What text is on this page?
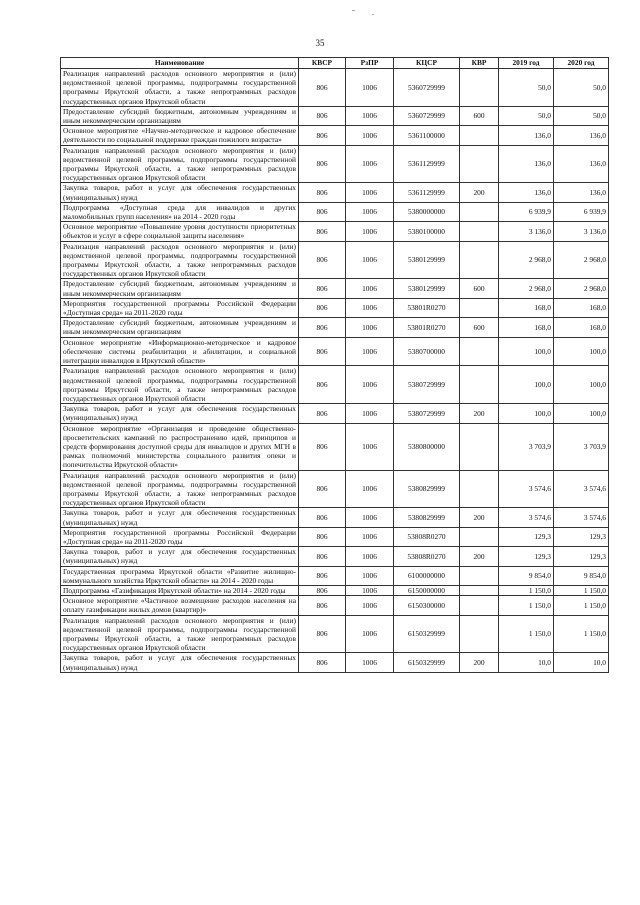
35
Наименование	КВСР	РзПР	КЦСР	КВР	2019 год	2020 год
Реализация направлений расходов основного мероприятия и (или) ведомственной целевой программы, подпрограммы государственной программы Иркутской области, а также непрограммных расходов государственных органов Иркутской области	806	1006	5360729999		50,0	50,0
Предоставление субсидий бюджетным, автономным учреждениям и иным некоммерческим организациям	806	1006	5360729999	600	50,0	50,0
Основное мероприятие «Научно-методическое и кадровое обеспечение деятельности по социальной поддержке граждан пожилого возраста»	806	1006	5361100000		136,0	136,0
Реализация направлений расходов основного мероприятия и (или) ведомственной целевой программы, подпрограммы государственной программы Иркутской области, а также непрограммных расходов государственных органов Иркутской области	806	1006	5361129999		136,0	136,0
Закупка товаров, работ и услуг для обеспечения государственных (муниципальных) нужд	806	1006	5361129999	200	136,0	136,0
Подпрограмма «Доступная среда для инвалидов и других маломобильных групп населения» на 2014 - 2020 годы	806	1006	5380000000		6 939,9	6 939,9
Основное мероприятие «Повышение уровня доступности приоритетных объектов и услуг в сфере социальной защиты населения»	806	1006	5380100000		3 136,0	3 136,0
Реализация направлений расходов основного мероприятия и (или) ведомственной целевой программы, подпрограммы государственной программы Иркутской области, а также непрограммных расходов государственных органов Иркутской области	806	1006	5380129999		2 968,0	2 968,0
Предоставление субсидий бюджетным, автономным учреждениям и иным некоммерческим организациям	806	1006	5380129999	600	2 968,0	2 968,0
Мероприятия государственной программы Российской Федерации «Доступная среда» на 2011-2020 годы	806	1006	53801R0270		168,0	168,0
Предоставление субсидий бюджетным, автономным учреждениям и иным некоммерческим организациям	806	1006	53801R0270	600	168,0	168,0
Основное мероприятие «Информационно-методическое и кадровое обеспечение системы реабилитации и абилитации, и социальной интеграции инвалидов в Иркутской области»	806	1006	5380700000		100,0	100,0
Реализация направлений расходов основного мероприятия и (или) ведомственной целевой программы, подпрограммы государственной программы Иркутской области, а также непрограммных расходов государственных органов Иркутской области	806	1006	5380729999		100,0	100,0
Закупка товаров, работ и услуг для обеспечения государственных (муниципальных) нужд	806	1006	5380729999	200	100,0	100,0
Основное мероприятие «Организация и проведение общественно-просветительских кампаний по распространению идей, принципов и средств формирования доступной среды для инвалидов и других МГН в рамках полномочий министерства социального развития опеки и попечительства Иркутской области»	806	1006	5380800000		3 703,9	3 703,9
Реализация направлений расходов основного мероприятия и (или) ведомственной целевой программы, подпрограммы государственной программы Иркутской области, а также непрограммных расходов государственных органов Иркутской области	806	1006	5380829999		3 574,6	3 574,6
Закупка товаров, работ и услуг для обеспечения государственных (муниципальных) нужд	806	1006	5380829999	200	3 574,6	3 574,6
Мероприятия государственной программы Российской Федерации «Доступная среда» на 2011-2020 годы	806	1006	53808R0270		129,3	129,3
Закупка товаров, работ и услуг для обеспечения государственных (муниципальных) нужд	806	1006	53808R0270	200	129,3	129,3
Государственная программа Иркутской области «Развитие жилищно-коммунального хозяйства Иркутской области» на 2014 - 2020 годы	806	1006	6100000000		9 854,0	9 854,0
Подпрограмма «Газификация Иркутской области» на 2014 - 2020 годы	806	1006	6150000000		1 150,0	1 150,0
Основное мероприятие «Частичное возмещение расходов населения на оплату газификации жилых домов (квартир)»	806	1006	6150300000		1 150,0	1 150,0
Реализация направлений расходов основного мероприятия и (или) ведомственной целевой программы, подпрограммы государственной программы Иркутской области, а также непрограммных расходов государственных органов Иркутской области	806	1006	6150329999		1 150,0	1 150,0
Закупка товаров, работ и услуг для обеспечения государственных (муниципальных) нужд	806	1006	6150329999	200	10,0	10,0
